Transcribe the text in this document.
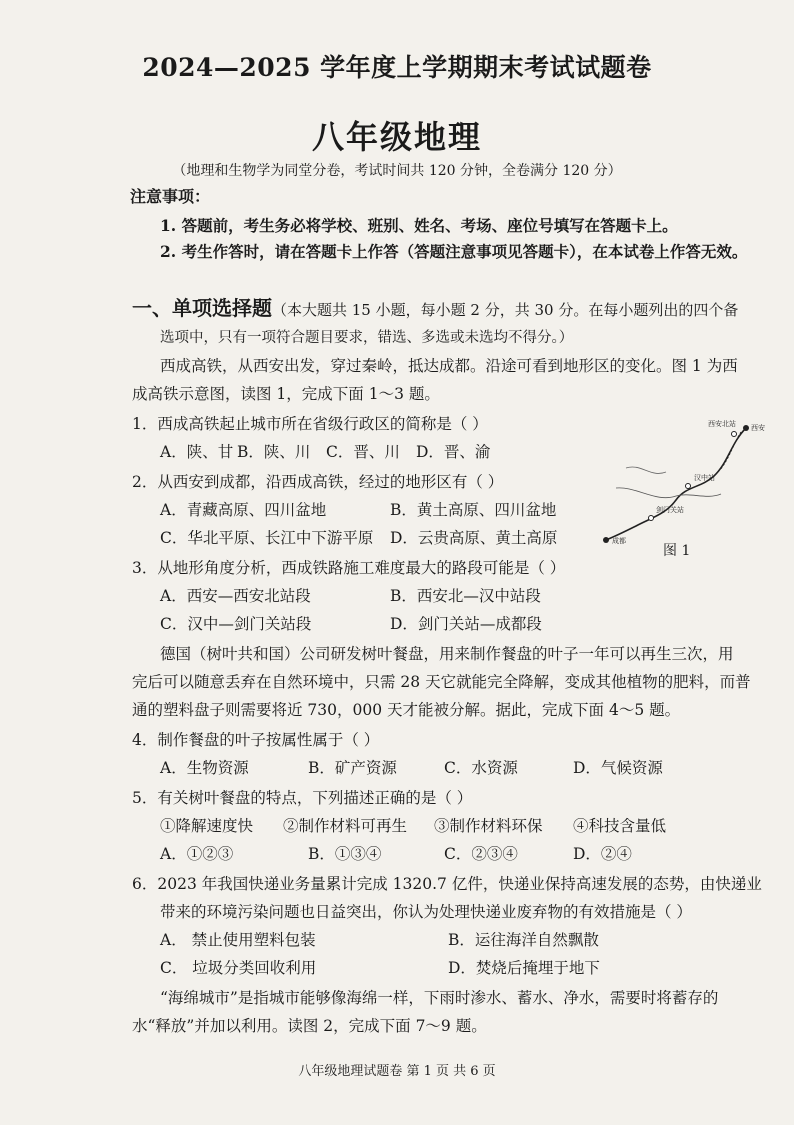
2024—2025 学年度上学期期末考试试题卷
八年级地理
（地理和生物学为同堂分卷，考试时间共 120 分钟，全卷满分 120 分）
注意事项：
1. 答题前，考生务必将学校、班别、姓名、考场、座位号填写在答题卡上。
2. 考生作答时，请在答题卡上作答（答题注意事项见答题卡），在本试卷上作答无效。
一、单项选择题（本大题共 15 小题，每小题 2 分，共 30 分。在每小题列出的四个备
选项中，只有一项符合题目要求，错选、多选或未选均不得分。）
西成高铁，从西安出发，穿过秦岭，抵达成都。沿途可看到地形区的变化。图 1 为西
成高铁示意图，读图 1，完成下面 1～3 题。
1．西成高铁起止城市所在省级行政区的简称是（ ）
A．陕、甘 B．陕、川 C．晋、川 D．晋、渝
2．从西安到成都，沿西成高铁，经过的地形区有（ ）
A．青藏高原、四川盆地	B．黄土高原、四川盆地
C．华北平原、长江中下游平原 D．云贵高原、黄土高原
3．从地形角度分析，西成铁路施工难度最大的路段可能是（ ）
A．西安—西安北站段	B．西安北—汉中站段
C．汉中—剑门关站段	D．剑门关站—成都段
德国（树叶共和国）公司研发树叶餐盘，用来制作餐盘的叶子一年可以再生三次，用
完后可以随意丢弃在自然环境中，只需 28 天它就能完全降解，变成其他植物的肥料，而普
通的塑料盘子则需要将近 730，000 天才能被分解。据此，完成下面 4～5 题。
4．制作餐盘的叶子按属性属于（ ）
A．生物资源	B．矿产资源	C．水资源	D．气候资源
5．有关树叶餐盘的特点，下列描述正确的是（ ）
①降解速度快 ②制作材料可再生 ③制作材料环保 ④科技含量低
A．①②③	B．①③④	C．②③④	D．②④
6．2023 年我国快递业务量累计完成 1320.7 亿件，快递业保持高速发展的态势，由快递业
带来的环境污染问题也日益突出，你认为处理快递业废弃物的有效措施是（ ）
A． 禁止使用塑料包装	B．运往海洋自然飘散
C． 垃圾分类回收利用	D．焚烧后掩埋于地下
“海绵城市”是指城市能够像海绵一样，下雨时渗水、蓄水、净水，需要时将蓄存的
水“释放”并加以利用。读图 2，完成下面 7～9 题。
西安北站 西安
汉中站
剑门关站
成都
图 1
八年级地理试题卷 第 1 页 共 6 页
